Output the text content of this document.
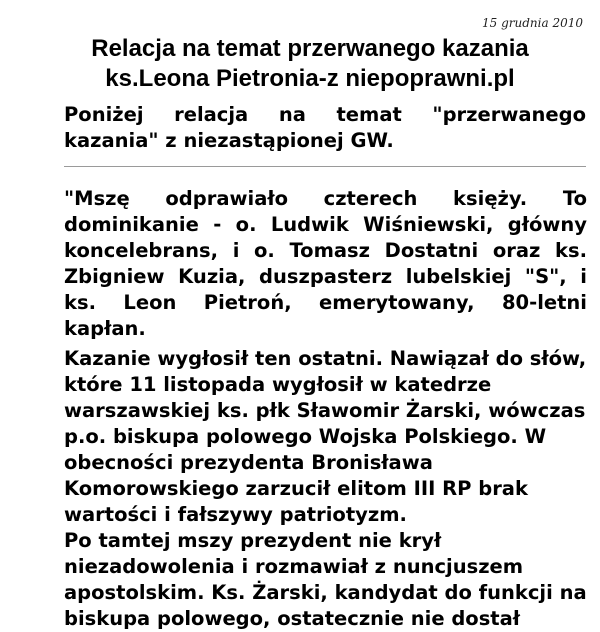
15 grudnia 2010
Relacja na temat przerwanego kazania ks.Leona Pietronia-z niepoprawni.pl

Poniżej relacja na temat "przerwanego kazania" z niezastąpionej GW.

"Mszę odprawiało czterech księży. To dominikanie - o. Ludwik Wiśniewski, główny koncelebrans, i o. Tomasz Dostatni oraz ks. Zbigniew Kuzia, duszpasterz lubelskiej "S", i ks. Leon Pietroń, emerytowany, 80-letni kapłan.

Kazanie wygłosił ten ostatni. Nawiązał do słów, które 11 listopada wygłosił w katedrze warszawskiej ks. płk Sławomir Żarski, wówczas p.o. biskupa polowego Wojska Polskiego. W obecności prezydenta Bronisława Komorowskiego zarzucił elitom III RP brak wartości i fałszywy patriotyzm.

Po tamtej mszy prezydent nie krył niezadowolenia i rozmawiał z nuncjuszem apostolskim. Ks. Żarski, kandydat do funkcji na biskupa polowego, ostatecznie nie dostał
